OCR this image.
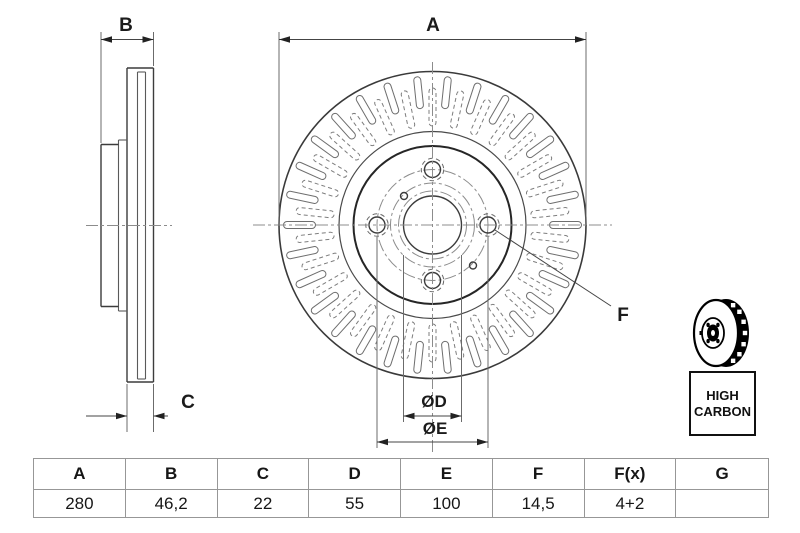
B	A
C	ØD
ØE
F
HIGH
CARBON
A	B	C	D	E	F	F(x)	G
280	46,2	22	55	100	14,5	4+2
